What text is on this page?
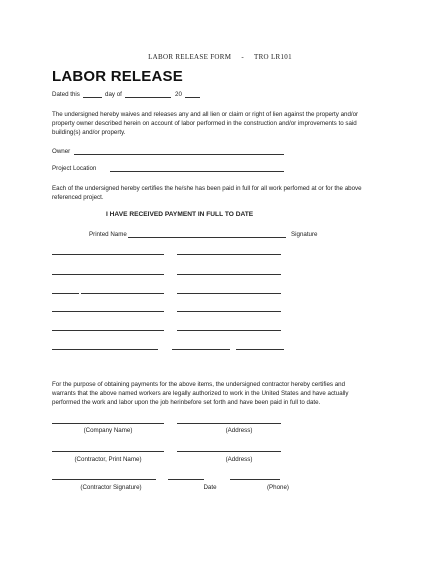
LABOR RELEASE FORM - TRO LR101
LABOR RELEASE
Dated this	day of	20
The undersigned hereby waives and releases any and all lien or claim or right of lien against the property and/or
property owner described herein on account of labor performed in the construction and/or improvements to said
building(s) and/or property.
Owner
Project Location
Each of the undersigned hereby certifies the he/she has been paid in full for all work perfomed at or for the above
referenced project.
I HAVE RECEIVED PAYMENT IN FULL TO DATE
Printed Name	Signature
For the purpose of obtaining payments for the above items, the undersigned contractor hereby certifies and
warrants that the above named workers are legally authorized to work in the United States and have actually
performed the work and labor upon the job herinbefore set forth and have been paid in full to date.
(Company Name)	(Address)
(Contractor, Print Name)	(Address)
(Contractor Signature)	Date	(Phone)
